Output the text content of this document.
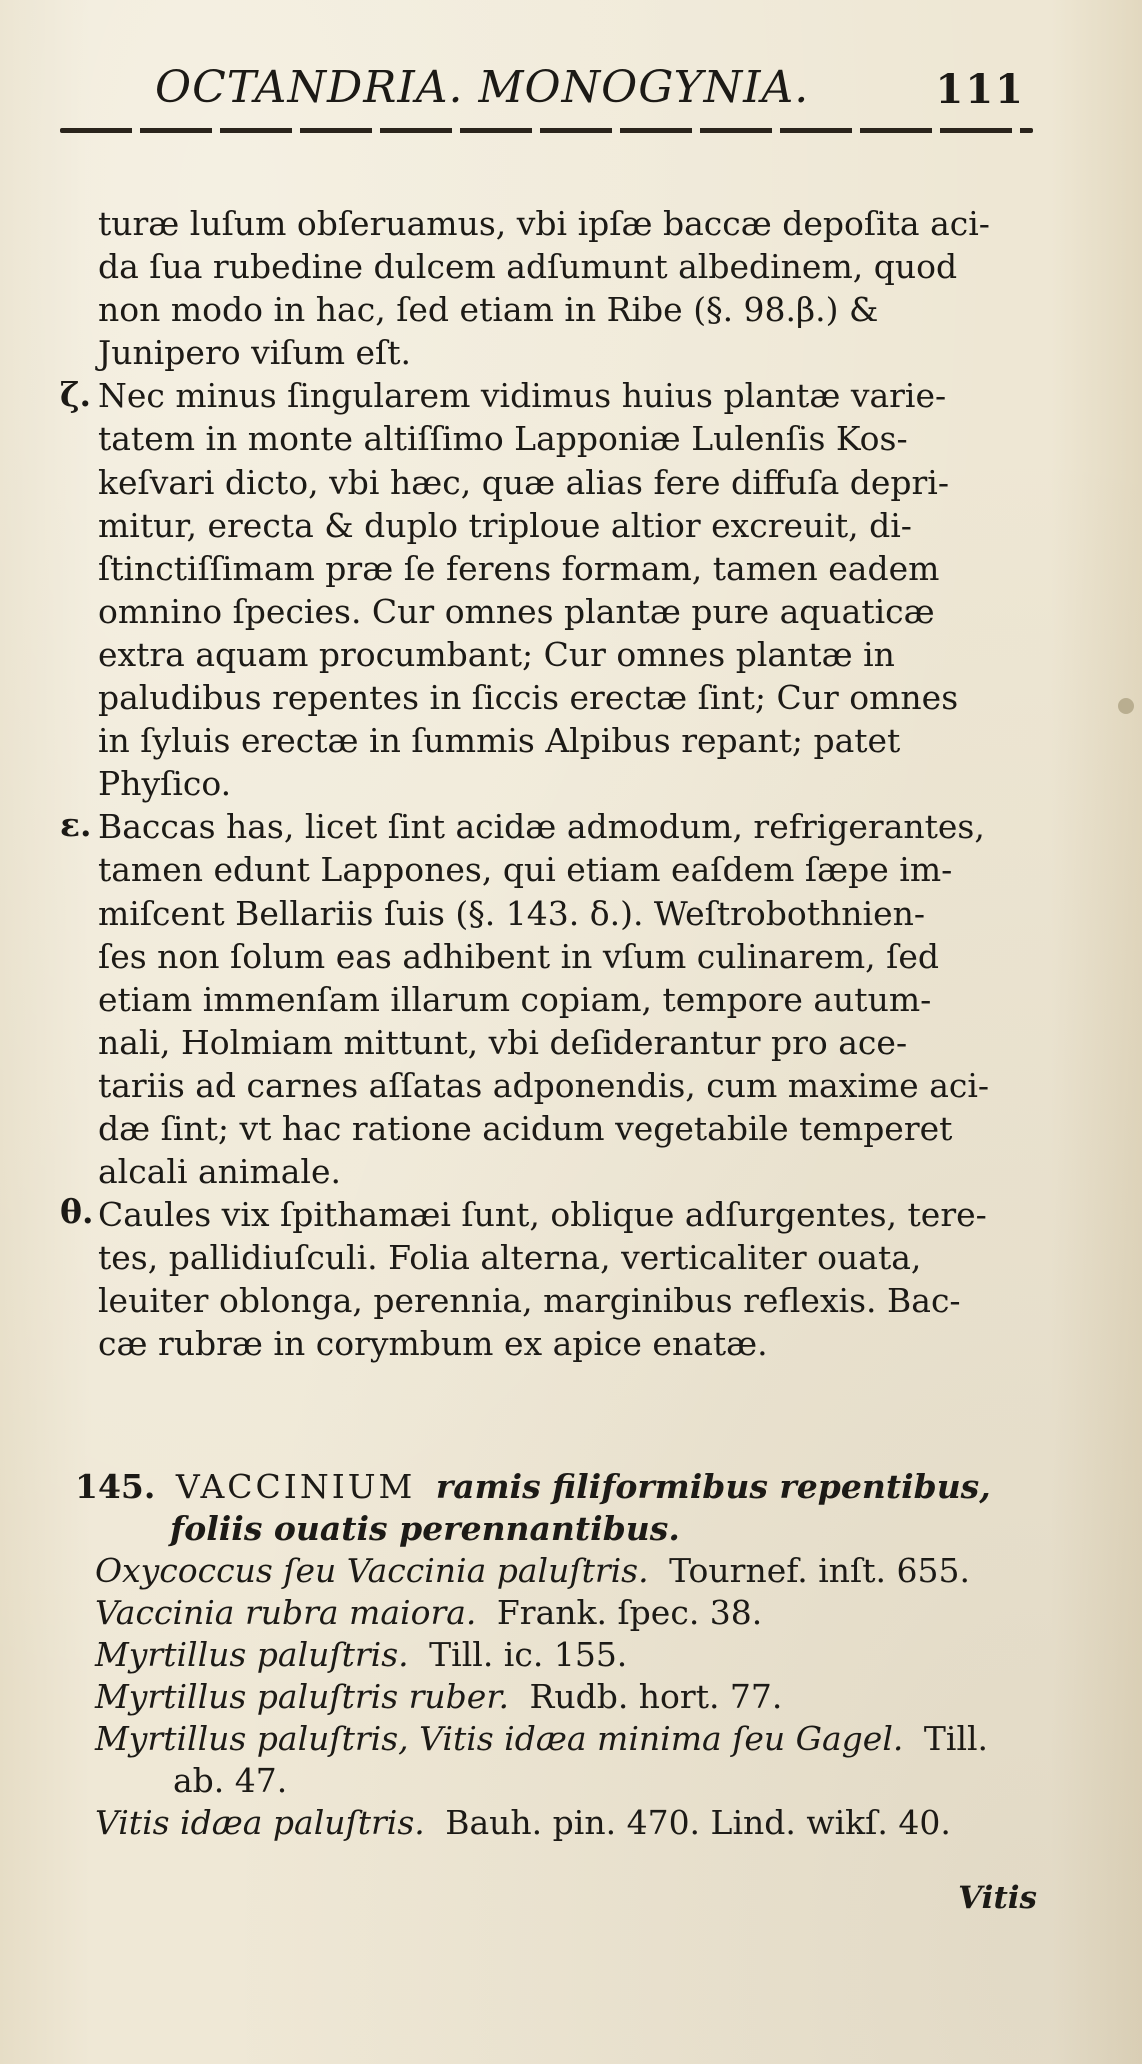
OCTANDRIA. MONOGYNIA.	111
ζ.
ε.
θ.
turæ luſum obſeruamus, vbi ipſæ baccæ depoſita aci-
da ſua rubedine dulcem adſumunt albedinem, quod
non modo in hac, ſed etiam in Ribe (§. 98.β.) &
Junipero viſum eſt.
Nec minus ſingularem vidimus huius plantæ varie-
tatem in monte altiſſimo Lapponiæ Lulenſis Kos-
keſvari dicto, vbi hæc, quæ alias fere diffuſa depri-
mitur, erecta & duplo triploue altior excreuit, di-
ſtinctiſſimam præ ſe ferens formam, tamen eadem
omnino ſpecies. Cur omnes plantæ pure aquaticæ
extra aquam procumbant; Cur omnes plantæ in
paludibus repentes in ſiccis erectæ ſint; Cur omnes
in ſyluis erectæ in ſummis Alpibus repant; patet
Phyſico.
Baccas has, licet ſint acidæ admodum, refrigerantes,
tamen edunt Lappones, qui etiam eaſdem ſæpe im-
miſcent Bellariis ſuis (§. 143. δ.). Weſtrobothnien-
ſes non ſolum eas adhibent in vſum culinarem, ſed
etiam immenſam illarum copiam, tempore autum-
nali, Holmiam mittunt, vbi deſiderantur pro ace-
tariis ad carnes aſſatas adponendis, cum maxime aci-
dæ ſint; vt hac ratione acidum vegetabile temperet
alcali animale.
Caules vix ſpithamæi ſunt, oblique adſurgentes, tere-
tes, pallidiuſculi. Folia alterna, verticaliter ouata,
leuiter oblonga, perennia, marginibus reflexis. Bac-
cæ rubræ in corymbum ex apice enatæ.
145. VACCINIUM ramis filiformibus repentibus,
foliis ouatis perennantibus.
Oxycoccus ſeu Vaccinia paluſtris. Tournef. inſt. 655.
Vaccinia rubra maiora. Frank. ſpec. 38.
Myrtillus paluſtris. Till. ic. 155.
Myrtillus paluſtris ruber. Rudb. hort. 77.
Myrtillus paluſtris, Vitis idæa minima ſeu Gagel. Till.
ab. 47.
Vitis idæa paluſtris. Bauh. pin. 470. Lind. wikſ. 40.
Vitis
